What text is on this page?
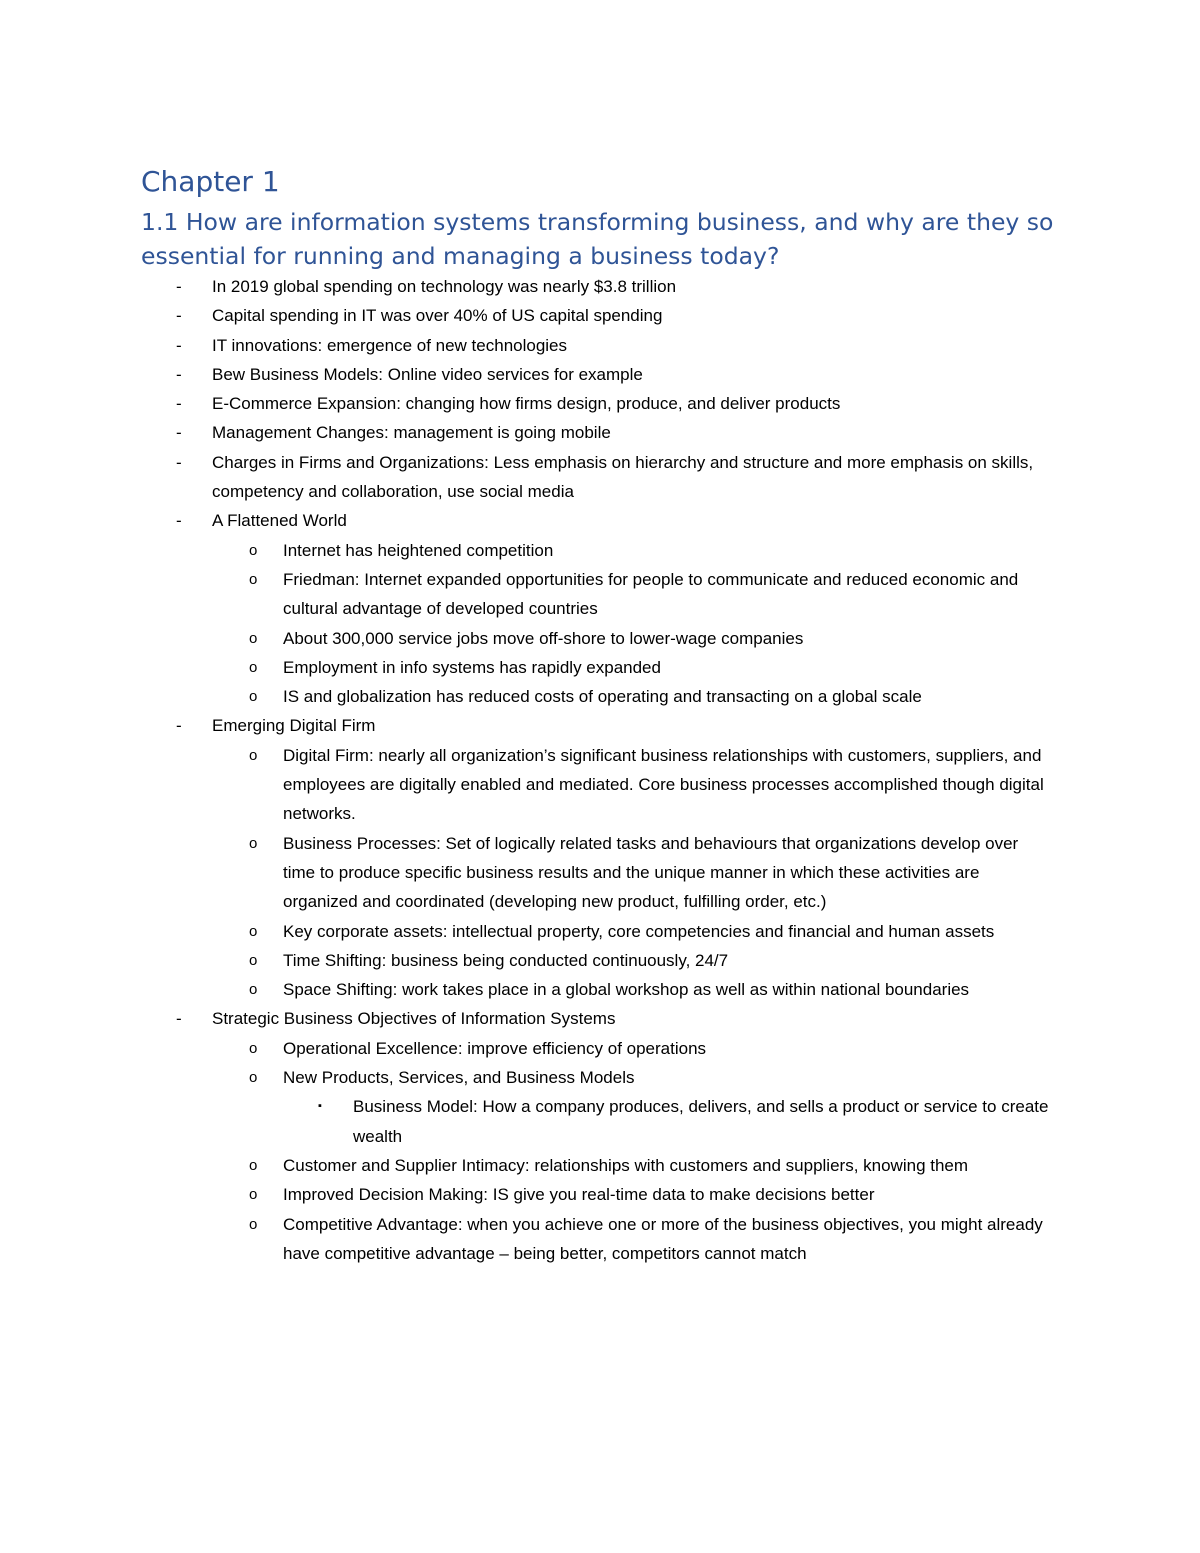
Chapter 1
1.1 How are information systems transforming business, and why are they so essential for running and managing a business today?
- In 2019 global spending on technology was nearly $3.8 trillion
- Capital spending in IT was over 40% of US capital spending
- IT innovations: emergence of new technologies
- Bew Business Models: Online video services for example
- E-Commerce Expansion: changing how firms design, produce, and deliver products
- Management Changes: management is going mobile
- Charges in Firms and Organizations: Less emphasis on hierarchy and structure and more emphasis on skills, competency and collaboration, use social media
- A Flattened World
o Internet has heightened competition
o Friedman: Internet expanded opportunities for people to communicate and reduced economic and cultural advantage of developed countries
o About 300,000 service jobs move off-shore to lower-wage companies
o Employment in info systems has rapidly expanded
o IS and globalization has reduced costs of operating and transacting on a global scale
- Emerging Digital Firm
o Digital Firm: nearly all organization’s significant business relationships with customers, suppliers, and employees are digitally enabled and mediated. Core business processes accomplished though digital networks.
o Business Processes: Set of logically related tasks and behaviours that organizations develop over time to produce specific business results and the unique manner in which these activities are organized and coordinated (developing new product, fulfilling order, etc.)
o Key corporate assets: intellectual property, core competencies and financial and human assets
o Time Shifting: business being conducted continuously, 24/7
o Space Shifting: work takes place in a global workshop as well as within national boundaries
- Strategic Business Objectives of Information Systems
o Operational Excellence: improve efficiency of operations
o New Products, Services, and Business Models
▪ Business Model: How a company produces, delivers, and sells a product or service to create wealth
o Customer and Supplier Intimacy: relationships with customers and suppliers, knowing them
o Improved Decision Making: IS give you real-time data to make decisions better
o Competitive Advantage: when you achieve one or more of the business objectives, you might already have competitive advantage – being better, competitors cannot match
